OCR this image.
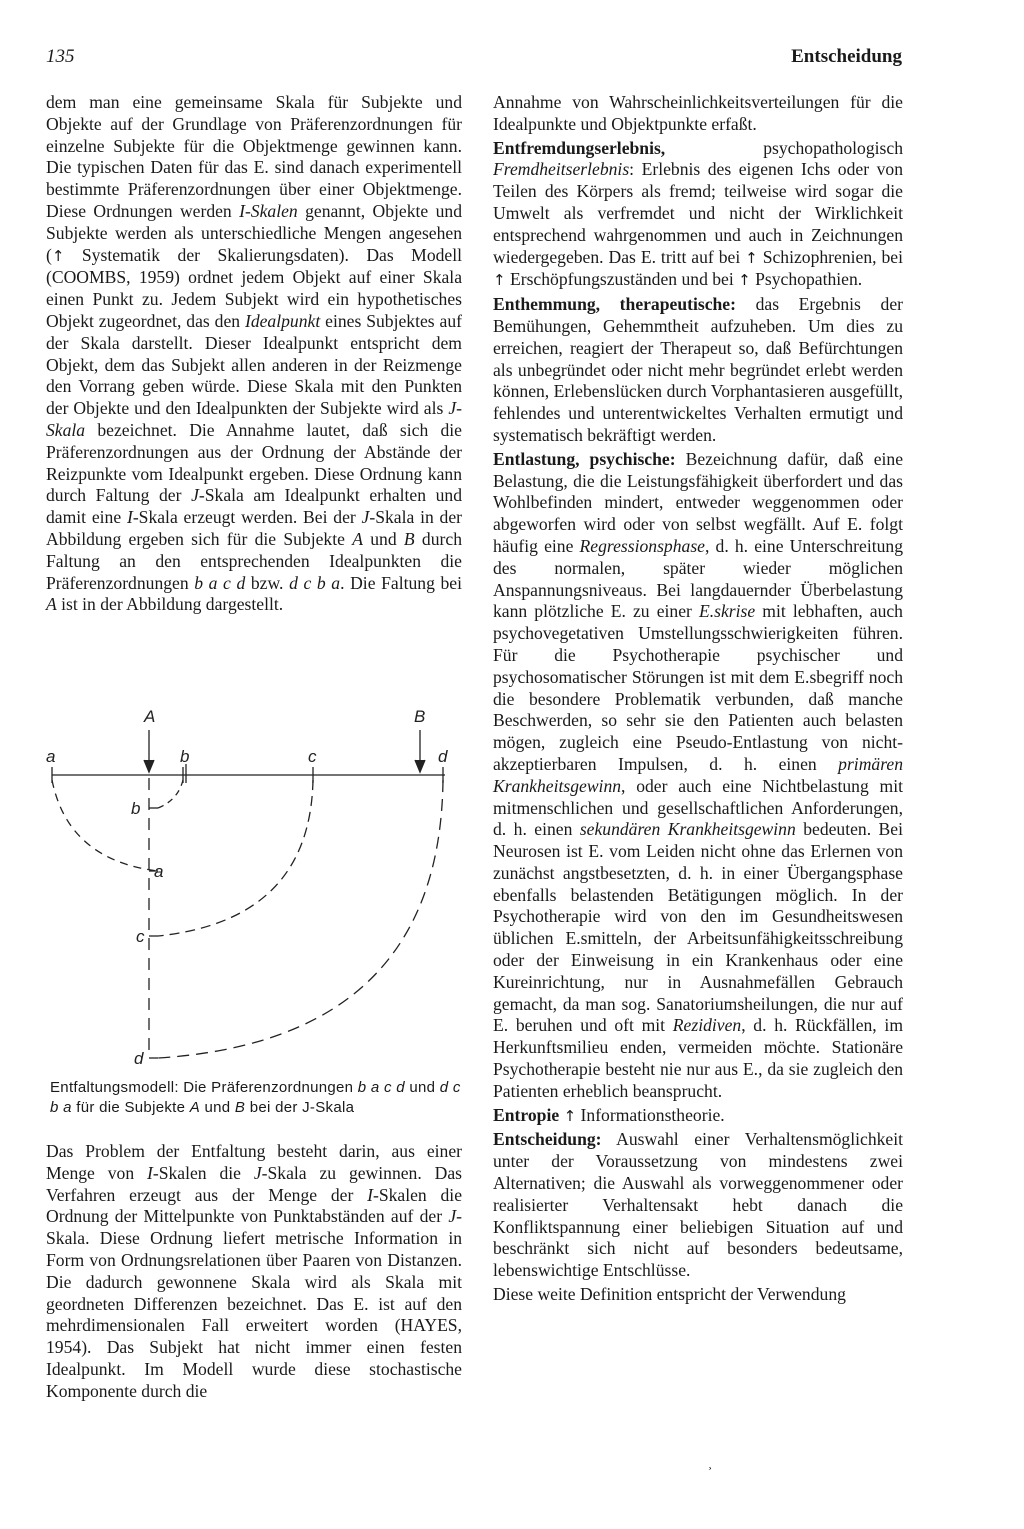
135	Entscheidung

dem man eine gemeinsame Skala für Subjekte und Objekte auf der Grundlage von Präferenzordnungen für einzelne Subjekte für die Objektmenge gewinnen kann. Die typischen Daten für das E. sind danach experimentell bestimmte Präferenzordnungen über einer Objektmenge. Diese Ordnungen werden I-Skalen genannt, Objekte und Subjekte werden als unterschiedliche Mengen angesehen (↑ Systematik der Skalierungsdaten). Das Modell (COOMBS, 1959) ordnet jedem Objekt auf einer Skala einen Punkt zu. Jedem Subjekt wird ein hypothetisches Objekt zugeordnet, das den Idealpunkt eines Subjektes auf der Skala darstellt. Dieser Idealpunkt entspricht dem Objekt, dem das Subjekt allen anderen in der Reizmenge den Vorrang geben würde. Diese Skala mit den Punkten der Objekte und den Idealpunkten der Subjekte wird als J-Skala bezeichnet. Die Annahme lautet, daß sich die Präferenzordnungen aus der Ordnung der Abstände der Reizpunkte vom Idealpunkt ergeben. Diese Ordnung kann durch Faltung der J-Skala am Idealpunkt erhalten und damit eine I-Skala erzeugt werden. Bei der J-Skala in der Abbildung ergeben sich für die Subjekte A und B durch Faltung an den entsprechenden Idealpunkten die Präferenzordnungen b a c d bzw. d c b a. Die Faltung bei A ist in der Abbildung dargestellt.

A	B
a	b	c	d
b
a
c
d
Entfaltungsmodell: Die Präferenzordnungen b a c d und d c b a für die Subjekte A und B bei der J-Skala

Das Problem der Entfaltung besteht darin, aus einer Menge von I-Skalen die J-Skala zu gewinnen. Das Verfahren erzeugt aus der Menge der I-Skalen die Ordnung der Mittelpunkte von Punktabständen auf der J-Skala. Diese Ordnung liefert metrische Information in Form von Ordnungsrelationen über Paaren von Distanzen. Die dadurch gewonnene Skala wird als Skala mit geordneten Differenzen bezeichnet. Das E. ist auf den mehrdimensionalen Fall erweitert worden (HAYES, 1954). Das Subjekt hat nicht immer einen festen Idealpunkt. Im Modell wurde diese stochastische Komponente durch die

Annahme von Wahrscheinlichkeitsverteilungen für die Idealpunkte und Objektpunkte erfaßt.

Entfremdungserlebnis, psychopathologisch Fremdheitserlebnis: Erlebnis des eigenen Ichs oder von Teilen des Körpers als fremd; teilweise wird sogar die Umwelt als verfremdet und nicht der Wirklichkeit entsprechend wahrgenommen und auch in Zeichnungen wiedergegeben. Das E. tritt auf bei ↑ Schizophrenien, bei ↑ Erschöpfungszuständen und bei ↑ Psychopathien.

Enthemmung, therapeutische: das Ergebnis der Bemühungen, Gehemmtheit aufzuheben. Um dies zu erreichen, reagiert der Therapeut so, daß Befürchtungen als unbegründet oder nicht mehr begründet erlebt werden können, Erlebenslücken durch Vorphantasieren ausgefüllt, fehlendes und unterentwickeltes Verhalten ermutigt und systematisch bekräftigt werden.

Entlastung, psychische: Bezeichnung dafür, daß eine Belastung, die die Leistungsfähigkeit überfordert und das Wohlbefinden mindert, entweder weggenommen oder abgeworfen wird oder von selbst wegfällt. Auf E. folgt häufig eine Regressionsphase, d. h. eine Unterschreitung des normalen, später wieder möglichen Anspannungsniveaus. Bei langdauernder Überbelastung kann plötzliche E. zu einer E.skrise mit lebhaften, auch psychovegetativen Umstellungsschwierigkeiten führen. Für die Psychotherapie psychischer und psychosomatischer Störungen ist mit dem E.sbegriff noch die besondere Problematik verbunden, daß manche Beschwerden, so sehr sie den Patienten auch belasten mögen, zugleich eine Pseudo-Entlastung von nicht-akzeptierbaren Impulsen, d. h. einen primären Krankheitsgewinn, oder auch eine Nichtbelastung mit mitmenschlichen und gesellschaftlichen Anforderungen, d. h. einen sekundären Krankheitsgewinn bedeuten. Bei Neurosen ist E. vom Leiden nicht ohne das Erlernen von zunächst angstbesetzten, d. h. in einer Übergangsphase ebenfalls belastenden Betätigungen möglich. In der Psychotherapie wird von den im Gesundheitswesen üblichen E.smitteln, der Arbeitsunfähigkeitsschreibung oder der Einweisung in ein Krankenhaus oder eine Kureinrichtung, nur in Ausnahmefällen Gebrauch gemacht, da man sog. Sanatoriumsheilungen, die nur auf E. beruhen und oft mit Rezidiven, d. h. Rückfällen, im Herkunftsmilieu enden, vermeiden möchte. Stationäre Psychotherapie besteht nie nur aus E., da sie zugleich den Patienten erheblich beansprucht.

Entropie ↑ Informationstheorie.

Entscheidung: Auswahl einer Verhaltensmöglichkeit unter der Voraussetzung von mindestens zwei Alternativen; die Auswahl als vorweggenommener oder realisierter Verhaltensakt hebt danach die Konfliktspannung einer beliebigen Situation auf und beschränkt sich nicht auf besonders bedeutsame, lebenswichtige Entschlüsse.

Diese weite Definition entspricht der Verwendung

¸
